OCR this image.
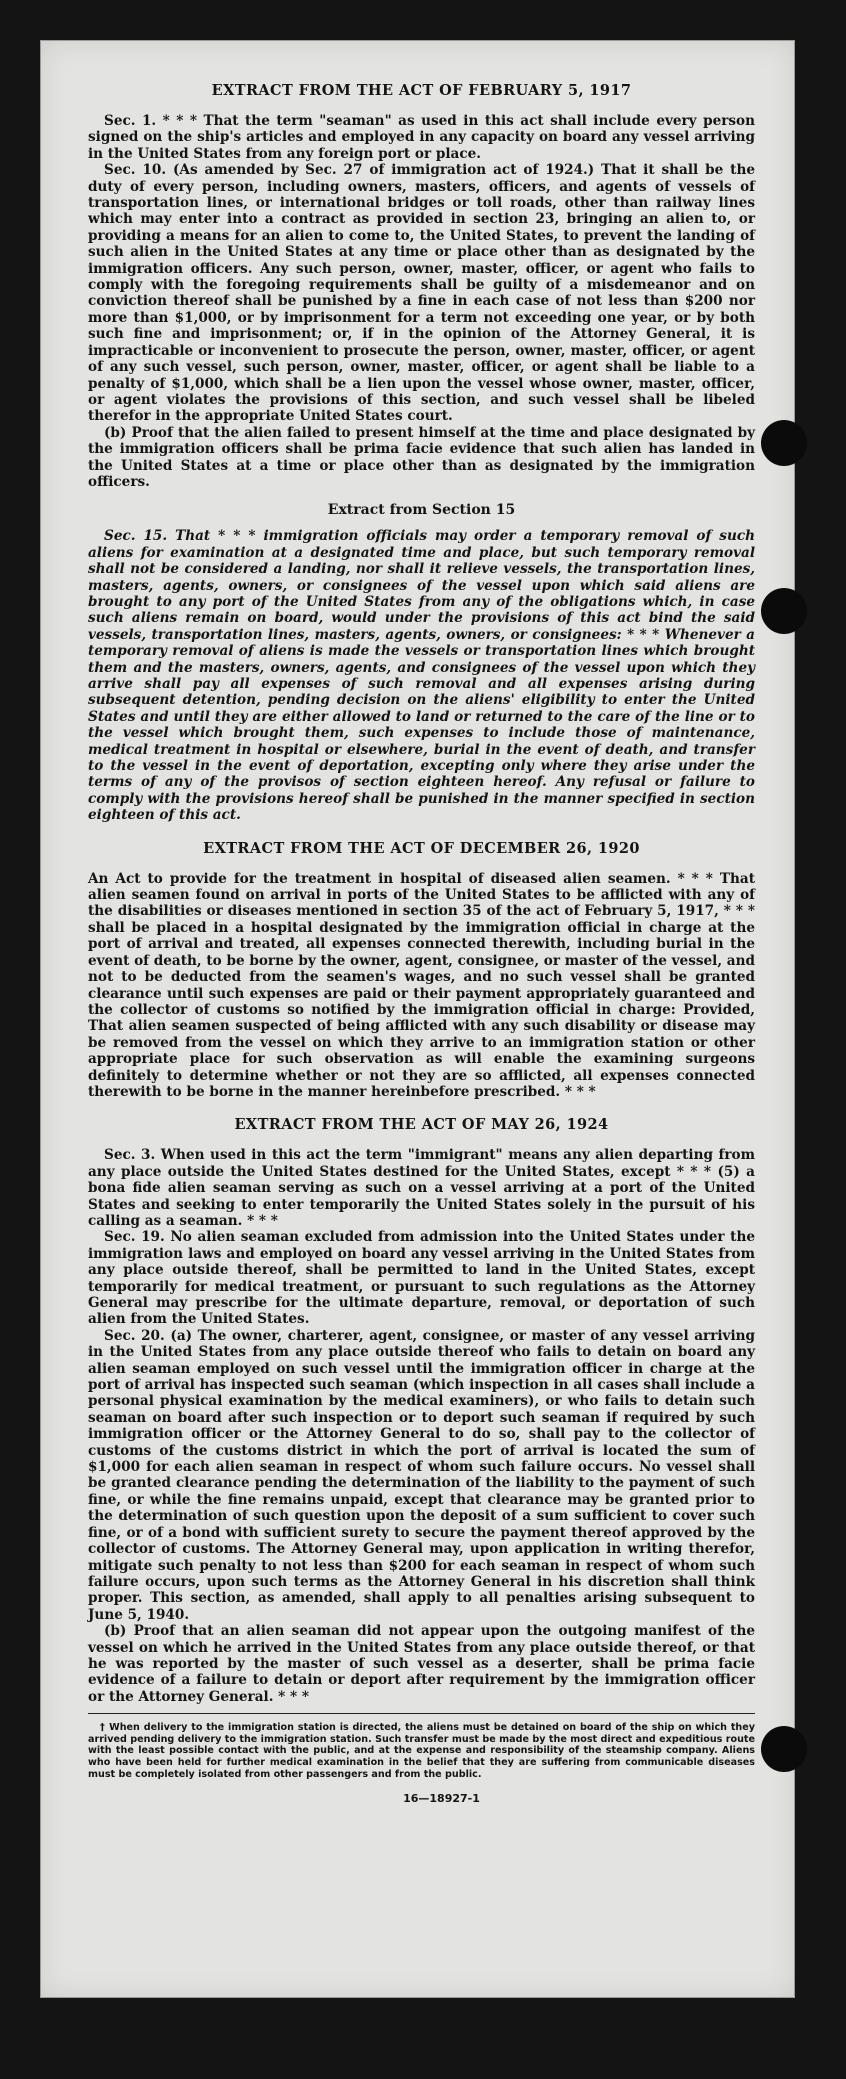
EXTRACT FROM THE ACT OF FEBRUARY 5, 1917

Sec. 1. * * * That the term "seaman" as used in this act shall include every person signed on the ship's articles and employed in any capacity on board any vessel arriving in the United States from any foreign port or place.

Sec. 10. (As amended by Sec. 27 of immigration act of 1924.) That it shall be the duty of every person, including owners, masters, officers, and agents of vessels of transportation lines, or international bridges or toll roads, other than railway lines which may enter into a contract as provided in section 23, bringing an alien to, or providing a means for an alien to come to, the United States, to prevent the landing of such alien in the United States at any time or place other than as designated by the immigration officers. Any such person, owner, master, officer, or agent who fails to comply with the foregoing requirements shall be guilty of a misdemeanor and on conviction thereof shall be punished by a fine in each case of not less than $200 nor more than $1,000, or by imprisonment for a term not exceeding one year, or by both such fine and imprisonment; or, if in the opinion of the Attorney General, it is impracticable or inconvenient to prosecute the person, owner, master, officer, or agent of any such vessel, such person, owner, master, officer, or agent shall be liable to a penalty of $1,000, which shall be a lien upon the vessel whose owner, master, officer, or agent violates the provisions of this section, and such vessel shall be libeled therefor in the appropriate United States court.

(b) Proof that the alien failed to present himself at the time and place designated by the immigration officers shall be prima facie evidence that such alien has landed in the United States at a time or place other than as designated by the immigration officers.

Extract from Section 15

Sec. 15. That * * * immigration officials may order a temporary removal of such aliens for examination at a designated time and place, but such temporary removal shall not be considered a landing, nor shall it relieve vessels, the transportation lines, masters, agents, owners, or consignees of the vessel upon which said aliens are brought to any port of the United States from any of the obligations which, in case such aliens remain on board, would under the provisions of this act bind the said vessels, transportation lines, masters, agents, owners, or consignees: * * * Whenever a temporary removal of aliens is made the vessels or transportation lines which brought them and the masters, owners, agents, and consignees of the vessel upon which they arrive shall pay all expenses of such removal and all expenses arising during subsequent detention, pending decision on the aliens' eligibility to enter the United States and until they are either allowed to land or returned to the care of the line or to the vessel which brought them, such expenses to include those of maintenance, medical treatment in hospital or elsewhere, burial in the event of death, and transfer to the vessel in the event of deportation, excepting only where they arise under the terms of any of the provisos of section eighteen hereof. Any refusal or failure to comply with the provisions hereof shall be punished in the manner specified in section eighteen of this act.

EXTRACT FROM THE ACT OF DECEMBER 26, 1920

An Act to provide for the treatment in hospital of diseased alien seamen. * * * That alien seamen found on arrival in ports of the United States to be afflicted with any of the disabilities or diseases mentioned in section 35 of the act of February 5, 1917, * * * shall be placed in a hospital designated by the immigration official in charge at the port of arrival and treated, all expenses connected therewith, including burial in the event of death, to be borne by the owner, agent, consignee, or master of the vessel, and not to be deducted from the seamen's wages, and no such vessel shall be granted clearance until such expenses are paid or their payment appropriately guaranteed and the collector of customs so notified by the immigration official in charge: Provided, That alien seamen suspected of being afflicted with any such disability or disease may be removed from the vessel on which they arrive to an immigration station or other appropriate place for such observation as will enable the examining surgeons definitely to determine whether or not they are so afflicted, all expenses connected therewith to be borne in the manner hereinbefore prescribed. * * *

EXTRACT FROM THE ACT OF MAY 26, 1924

Sec. 3. When used in this act the term "immigrant" means any alien departing from any place outside the United States destined for the United States, except * * * (5) a bona fide alien seaman serving as such on a vessel arriving at a port of the United States and seeking to enter temporarily the United States solely in the pursuit of his calling as a seaman. * * *

Sec. 19. No alien seaman excluded from admission into the United States under the immigration laws and employed on board any vessel arriving in the United States from any place outside thereof, shall be permitted to land in the United States, except temporarily for medical treatment, or pursuant to such regulations as the Attorney General may prescribe for the ultimate departure, removal, or deportation of such alien from the United States.

Sec. 20. (a) The owner, charterer, agent, consignee, or master of any vessel arriving in the United States from any place outside thereof who fails to detain on board any alien seaman employed on such vessel until the immigration officer in charge at the port of arrival has inspected such seaman (which inspection in all cases shall include a personal physical examination by the medical examiners), or who fails to detain such seaman on board after such inspection or to deport such seaman if required by such immigration officer or the Attorney General to do so, shall pay to the collector of customs of the customs district in which the port of arrival is located the sum of $1,000 for each alien seaman in respect of whom such failure occurs. No vessel shall be granted clearance pending the determination of the liability to the payment of such fine, or while the fine remains unpaid, except that clearance may be granted prior to the determination of such question upon the deposit of a sum sufficient to cover such fine, or of a bond with sufficient surety to secure the payment thereof approved by the collector of customs. The Attorney General may, upon application in writing therefor, mitigate such penalty to not less than $200 for each seaman in respect of whom such failure occurs, upon such terms as the Attorney General in his discretion shall think proper. This section, as amended, shall apply to all penalties arising subsequent to June 5, 1940.

(b) Proof that an alien seaman did not appear upon the outgoing manifest of the vessel on which he arrived in the United States from any place outside thereof, or that he was reported by the master of such vessel as a deserter, shall be prima facie evidence of a failure to detain or deport after requirement by the immigration officer or the Attorney General. * * *

† When delivery to the immigration station is directed, the aliens must be detained on board of the ship on which they arrived pending delivery to the immigration station. Such transfer must be made by the most direct and expeditious route with the least possible contact with the public, and at the expense and responsibility of the steamship company. Aliens who have been held for further medical examination in the belief that they are suffering from communicable diseases must be completely isolated from other passengers and from the public.
16—18927-1
